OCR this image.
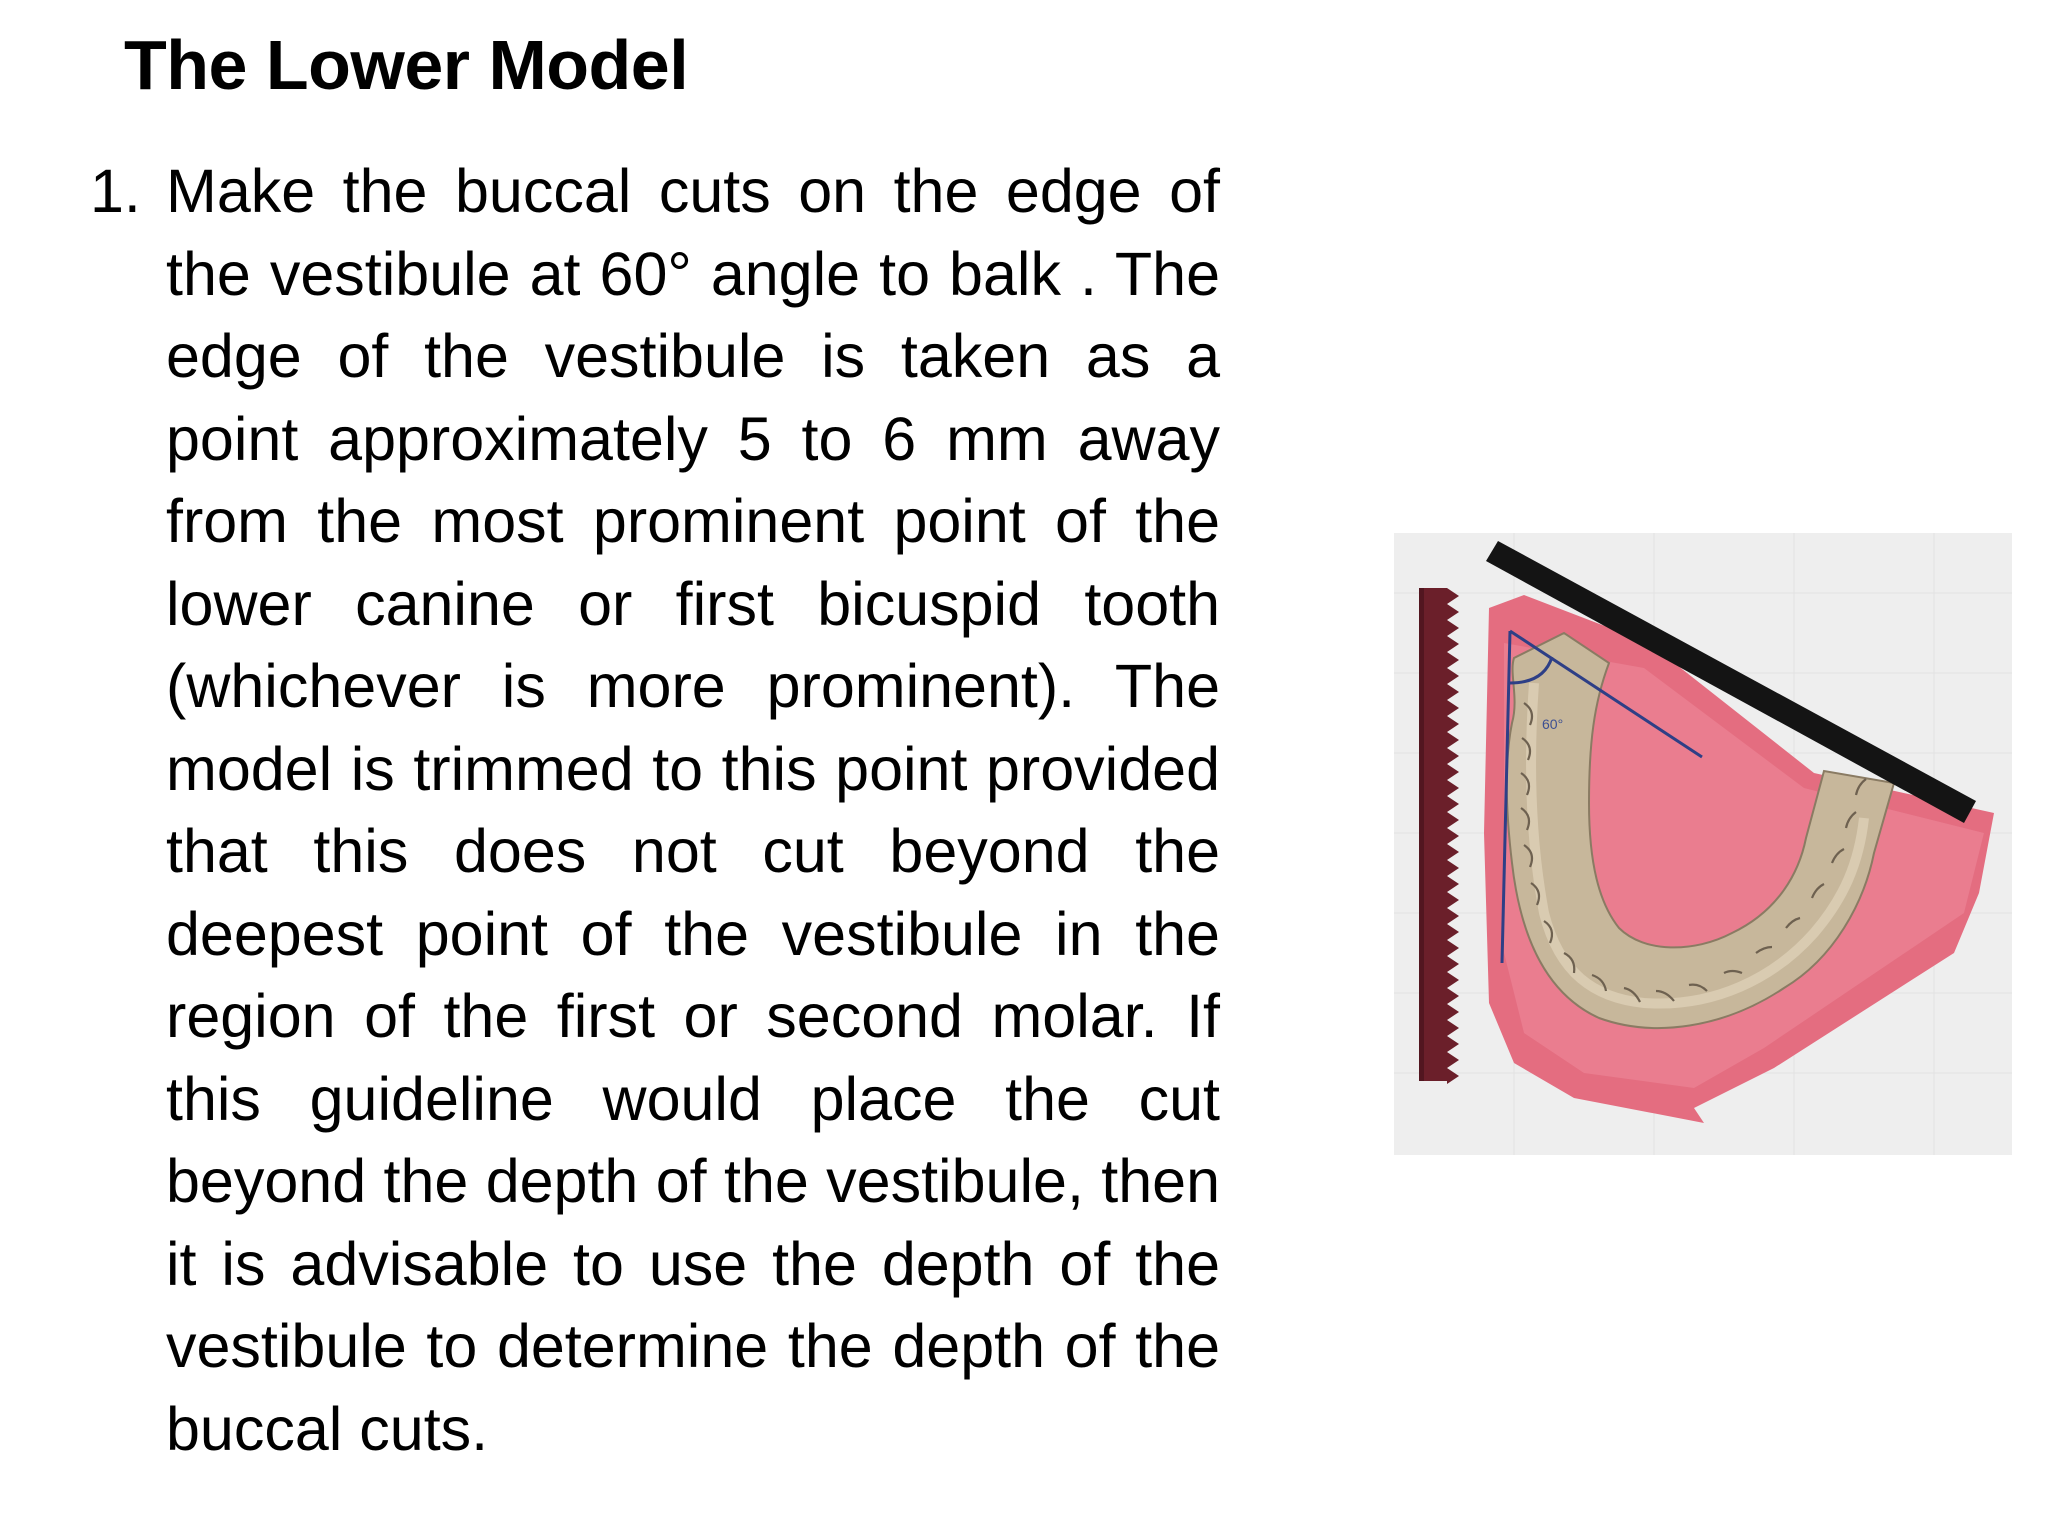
The Lower Model
1. Make the buccal cuts on the edge of the vestibule at 60° angle to balk . The edge of the vestibule is taken as a point approximately 5 to 6 mm away from the most prominent point of the lower canine or first bicuspid tooth (whichever is more prominent). The model is trimmed to this point provided that this does not cut beyond the deepest point of the vestibule in the region of the first or second molar. If this guideline would place the cut beyond the depth of the vestibule, then it is advisable to use the depth of the vestibule to determine the depth of the buccal cuts.
60°
